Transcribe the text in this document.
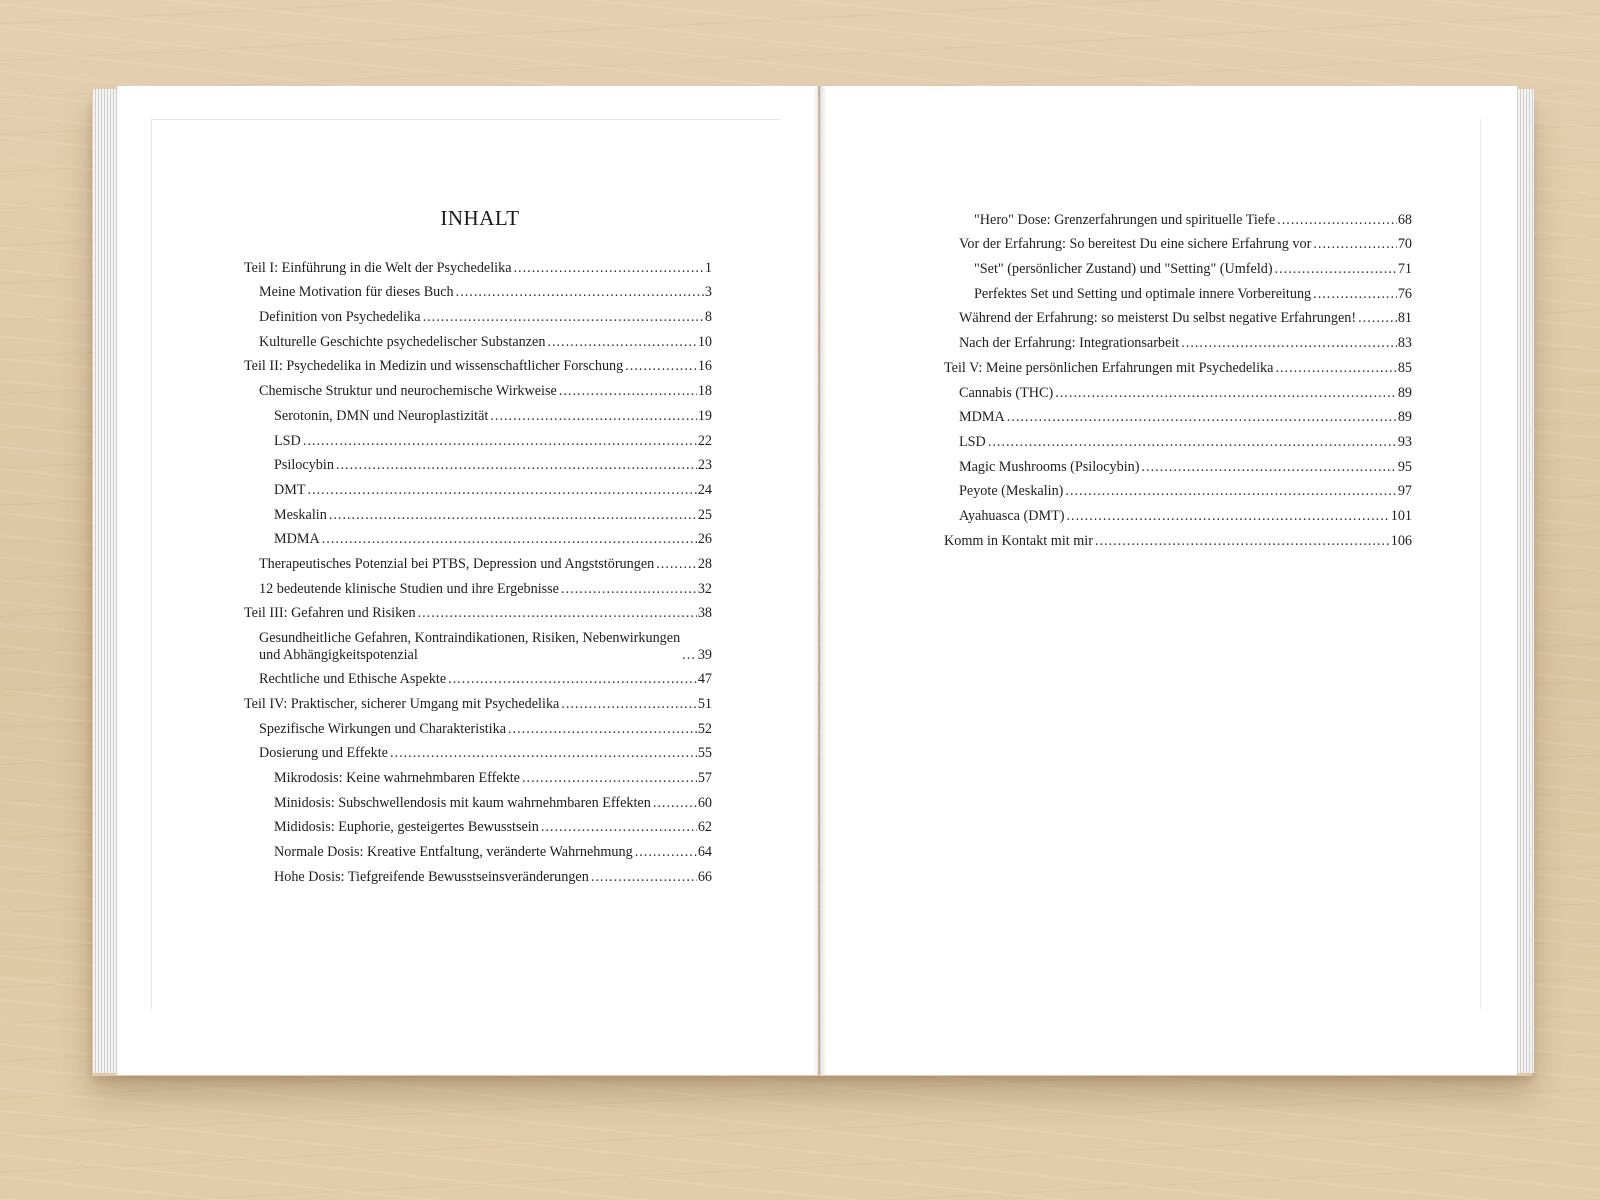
INHALT
Teil I: Einführung in die Welt der Psychedelika .....	1
Meine Motivation für dieses Buch .....	3
Definition von Psychedelika .....	8
Kulturelle Geschichte psychedelischer Substanzen .....	10
Teil II: Psychedelika in Medizin und wissenschaftlicher Forschung .....	16
Chemische Struktur und neurochemische Wirkweise .....	18
Serotonin, DMN und Neuroplastizität .....	19
LSD .....	22
Psilocybin .....	23
DMT .....	24
Meskalin .....	25
MDMA .....	26
Therapeutisches Potenzial bei PTBS, Depression und Angststörungen .....	28
12 bedeutende klinische Studien und ihre Ergebnisse .....	32
Teil III: Gefahren und Risiken .....	38
Gesundheitliche Gefahren, Kontraindikationen, Risiken, Nebenwirkungen
und Abhängigkeitspotenzial .....	39
Rechtliche und Ethische Aspekte .....	47
Teil IV: Praktischer, sicherer Umgang mit Psychedelika .....	51
Spezifische Wirkungen und Charakteristika .....	52
Dosierung und Effekte .....	55
Mikrodosis: Keine wahrnehmbaren Effekte .....	57
Minidosis: Subschwellendosis mit kaum wahrnehmbaren Effekten .....	60
Mididosis: Euphorie, gesteigertes Bewusstsein .....	62
Normale Dosis: Kreative Entfaltung, veränderte Wahrnehmung .....	64
Hohe Dosis: Tiefgreifende Bewusstseinsveränderungen .....	66
"Hero" Dose: Grenzerfahrungen und spirituelle Tiefe .....	68
Vor der Erfahrung: So bereitest Du eine sichere Erfahrung vor .....	70
"Set" (persönlicher Zustand) und "Setting" (Umfeld) .....	71
Perfektes Set und Setting und optimale innere Vorbereitung .....	76
Während der Erfahrung: so meisterst Du selbst negative Erfahrungen! .....	81
Nach der Erfahrung: Integrationsarbeit .....	83
Teil V: Meine persönlichen Erfahrungen mit Psychedelika .....	85
Cannabis (THC) .....	89
MDMA .....	89
LSD .....	93
Magic Mushrooms (Psilocybin) .....	95
Peyote (Meskalin) .....	97
Ayahuasca (DMT) .....	101
Komm in Kontakt mit mir .....	106
